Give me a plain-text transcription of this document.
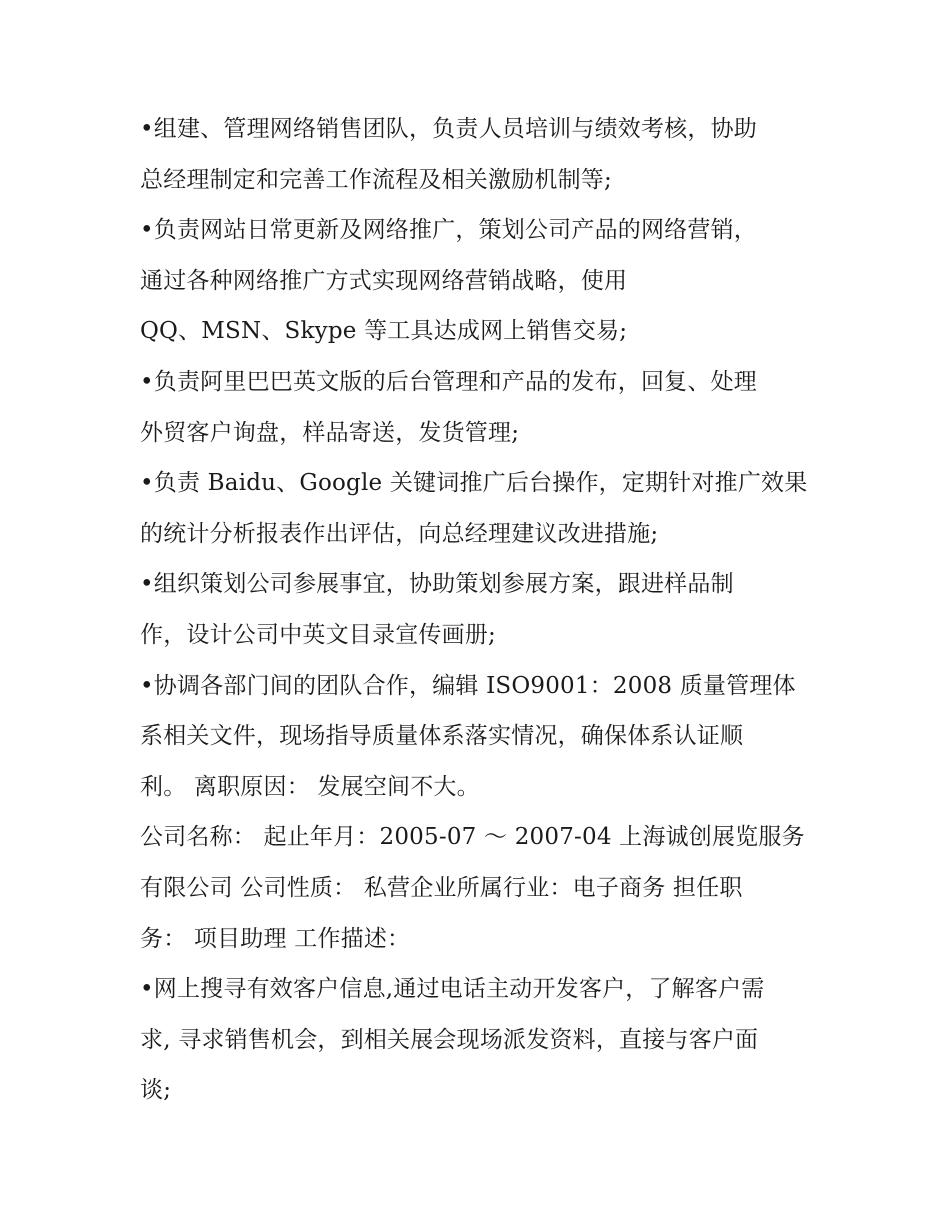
•组建、管理网络销售团队，负责人员培训与绩效考核，协助
总经理制定和完善工作流程及相关激励机制等;
•负责网站日常更新及网络推广，策划公司产品的网络营销，
通过各种网络推广方式实现网络营销战略，使用
QQ、MSN、Skype 等工具达成网上销售交易;
•负责阿里巴巴英文版的后台管理和产品的发布，回复、处理
外贸客户询盘，样品寄送，发货管理;
•负责 Baidu、Google 关键词推广后台操作，定期针对推广效果
的统计分析报表作出评估，向总经理建议改进措施;
•组织策划公司参展事宜，协助策划参展方案，跟进样品制
作，设计公司中英文目录宣传画册;
•协调各部门间的团队合作，编辑 ISO9001：2008 质量管理体
系相关文件，现场指导质量体系落实情况，确保体系认证顺
利。 离职原因： 发展空间不大。
公司名称： 起止年月：2005-07 ～ 2007-04 上海诚创展览服务
有限公司 公司性质： 私营企业所属行业：电子商务 担任职
务： 项目助理 工作描述：
•网上搜寻有效客户信息,通过电话主动开发客户，了解客户需
求, 寻求销售机会，到相关展会现场派发资料，直接与客户面
谈;
